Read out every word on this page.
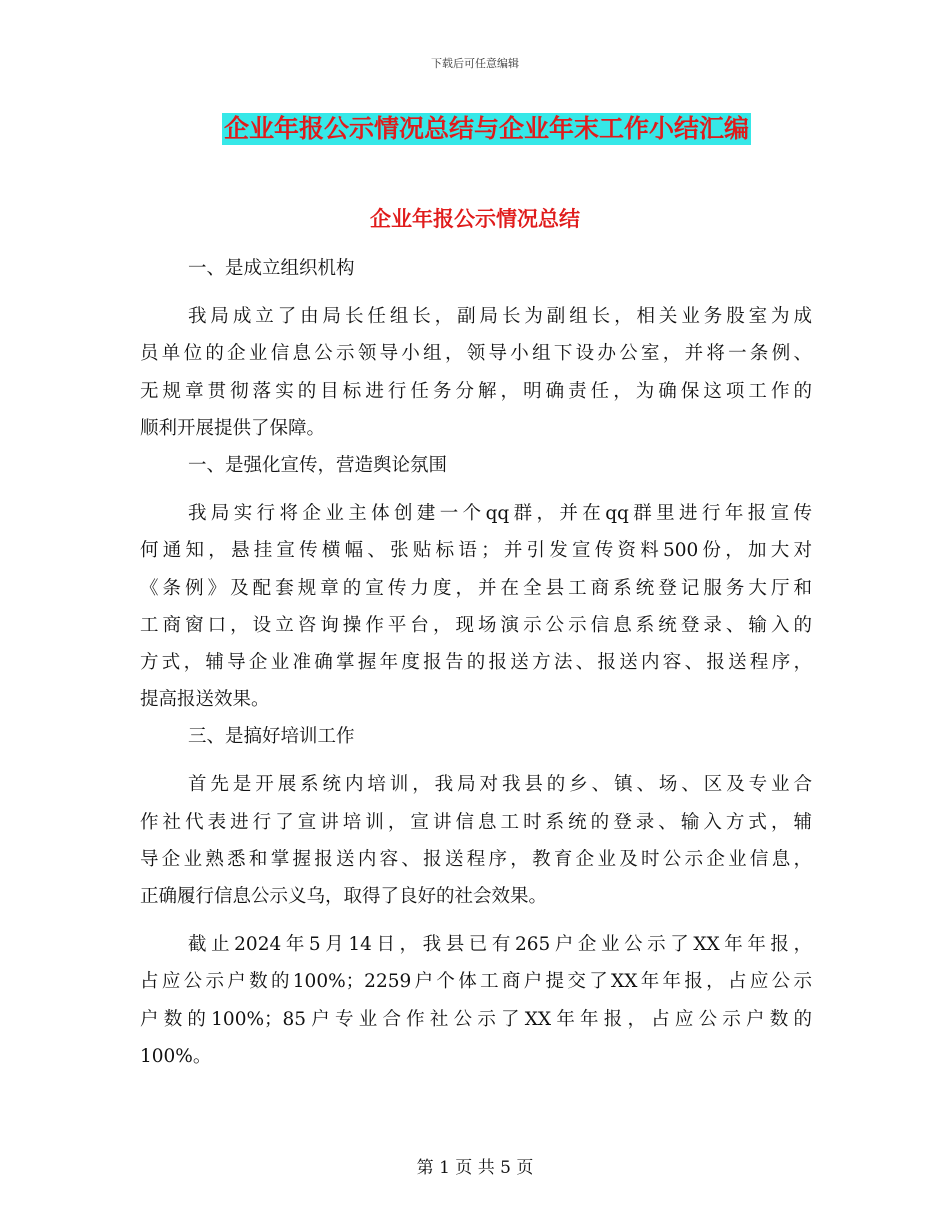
下载后可任意编辑
企业年报公示情况总结与企业年末工作小结汇编
企业年报公示情况总结
一、是成立组织机构
我局成立了由局长任组长，副局长为副组长，相关业务股室为成
员单位的企业信息公示领导小组，领导小组下设办公室，并将一条例、
无规章贯彻落实的目标进行任务分解，明确责任，为确保这项工作的
顺利开展提供了保障。
一、是强化宣传，营造舆论氛围
我局实行将企业主体创建一个qq群，并在qq群里进行年报宣传
何通知，悬挂宣传横幅、张贴标语；并引发宣传资料500份，加大对
《条例》及配套规章的宣传力度，并在全县工商系统登记服务大厅和
工商窗口，设立咨询操作平台，现场演示公示信息系统登录、输入的
方式，辅导企业准确掌握年度报告的报送方法、报送内容、报送程序，
提高报送效果。
三、是搞好培训工作
首先是开展系统内培训，我局对我县的乡、镇、场、区及专业合
作社代表进行了宣讲培训，宣讲信息工时系统的登录、输入方式，辅
导企业熟悉和掌握报送内容、报送程序，教育企业及时公示企业信息，
正确履行信息公示义乌，取得了良好的社会效果。
截止2024年5月14日，我县已有265户企业公示了XX年年报，
占应公示户数的100%；2259户个体工商户提交了XX年年报，占应公示
户数的100%；85户专业合作社公示了XX年年报，占应公示户数的
100%。
第 1 页 共 5 页
